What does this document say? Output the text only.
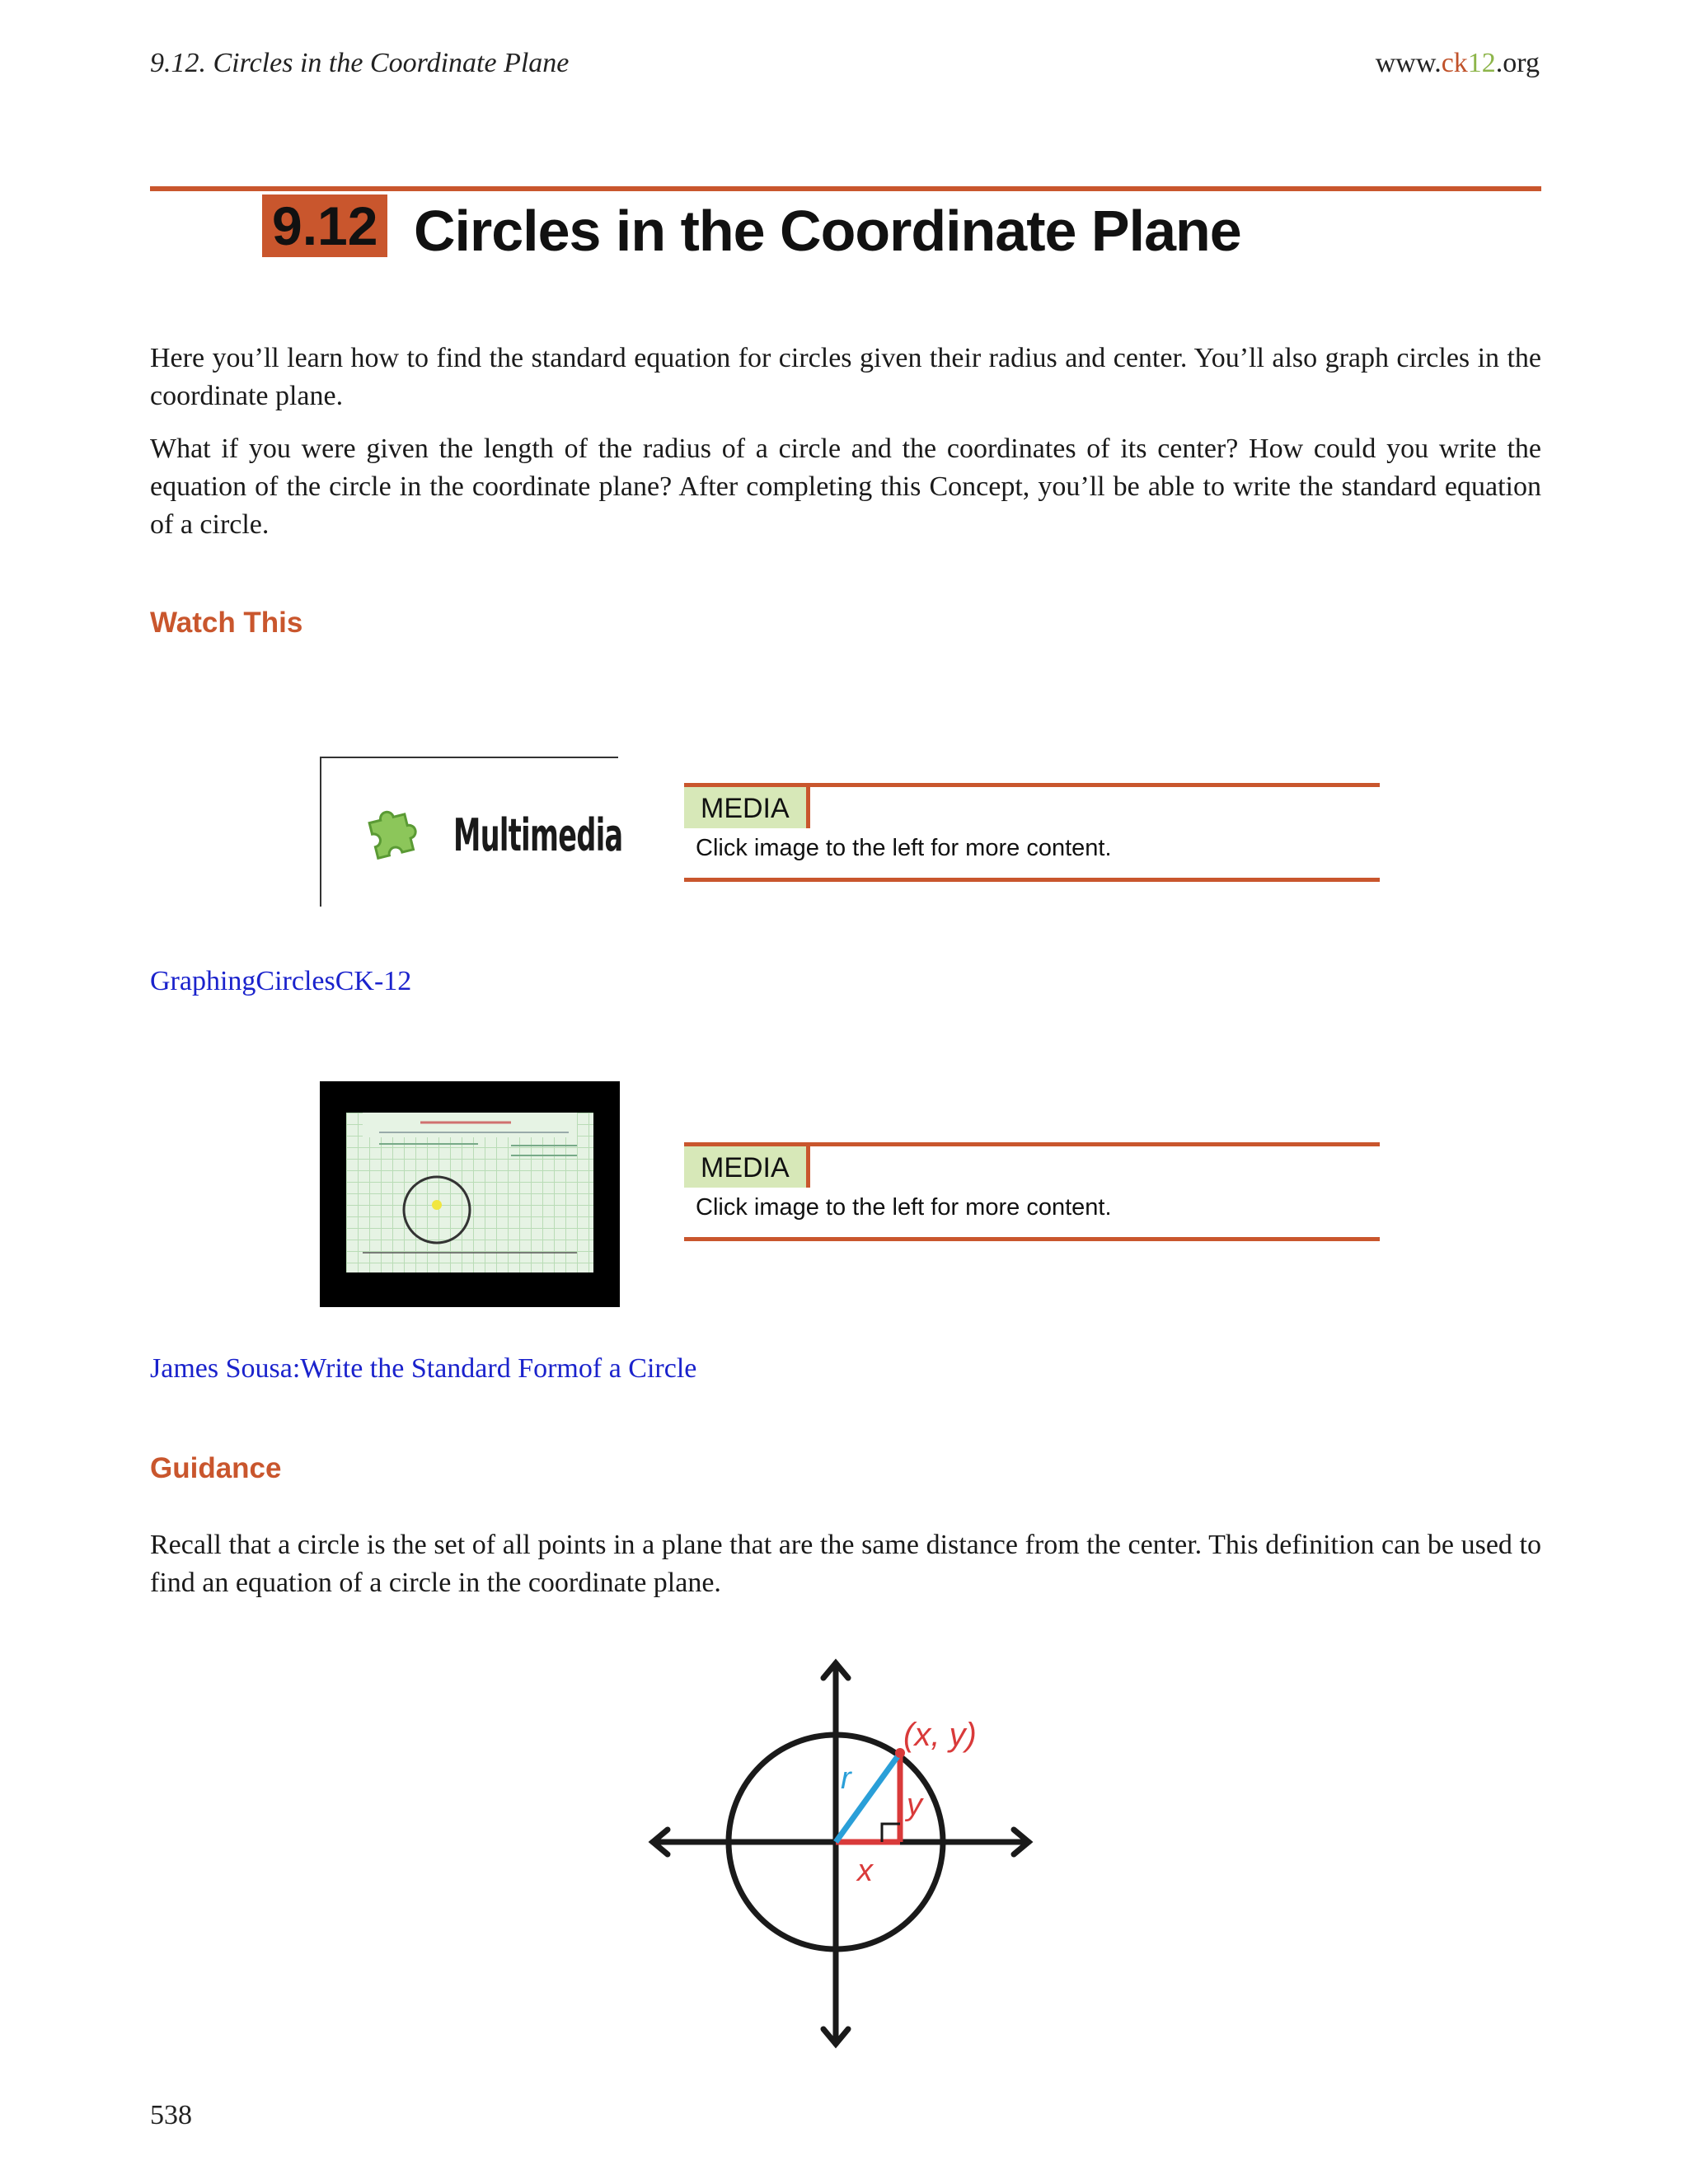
9.12. Circles in the Coordinate Plane	www.ck12.org
9.12 Circles in the Coordinate Plane
Here you’ll learn how to find the standard equation for circles given their radius and center. You’ll also graph circles in the coordinate plane.
What if you were given the length of the radius of a circle and the coordinates of its center? How could you write the equation of the circle in the coordinate plane? After completing this Concept, you’ll be able to write the standard equation of a circle.
Watch This
Multimedia
MEDIA
Click image to the left for more content.
GraphingCirclesCK-12
MEDIA
Click image to the left for more content.
James Sousa:Write the Standard Formof a Circle
Guidance
Recall that a circle is the set of all points in a plane that are the same distance from the center. This definition can be used to find an equation of a circle in the coordinate plane.
(x, y)
r
y
x
538
